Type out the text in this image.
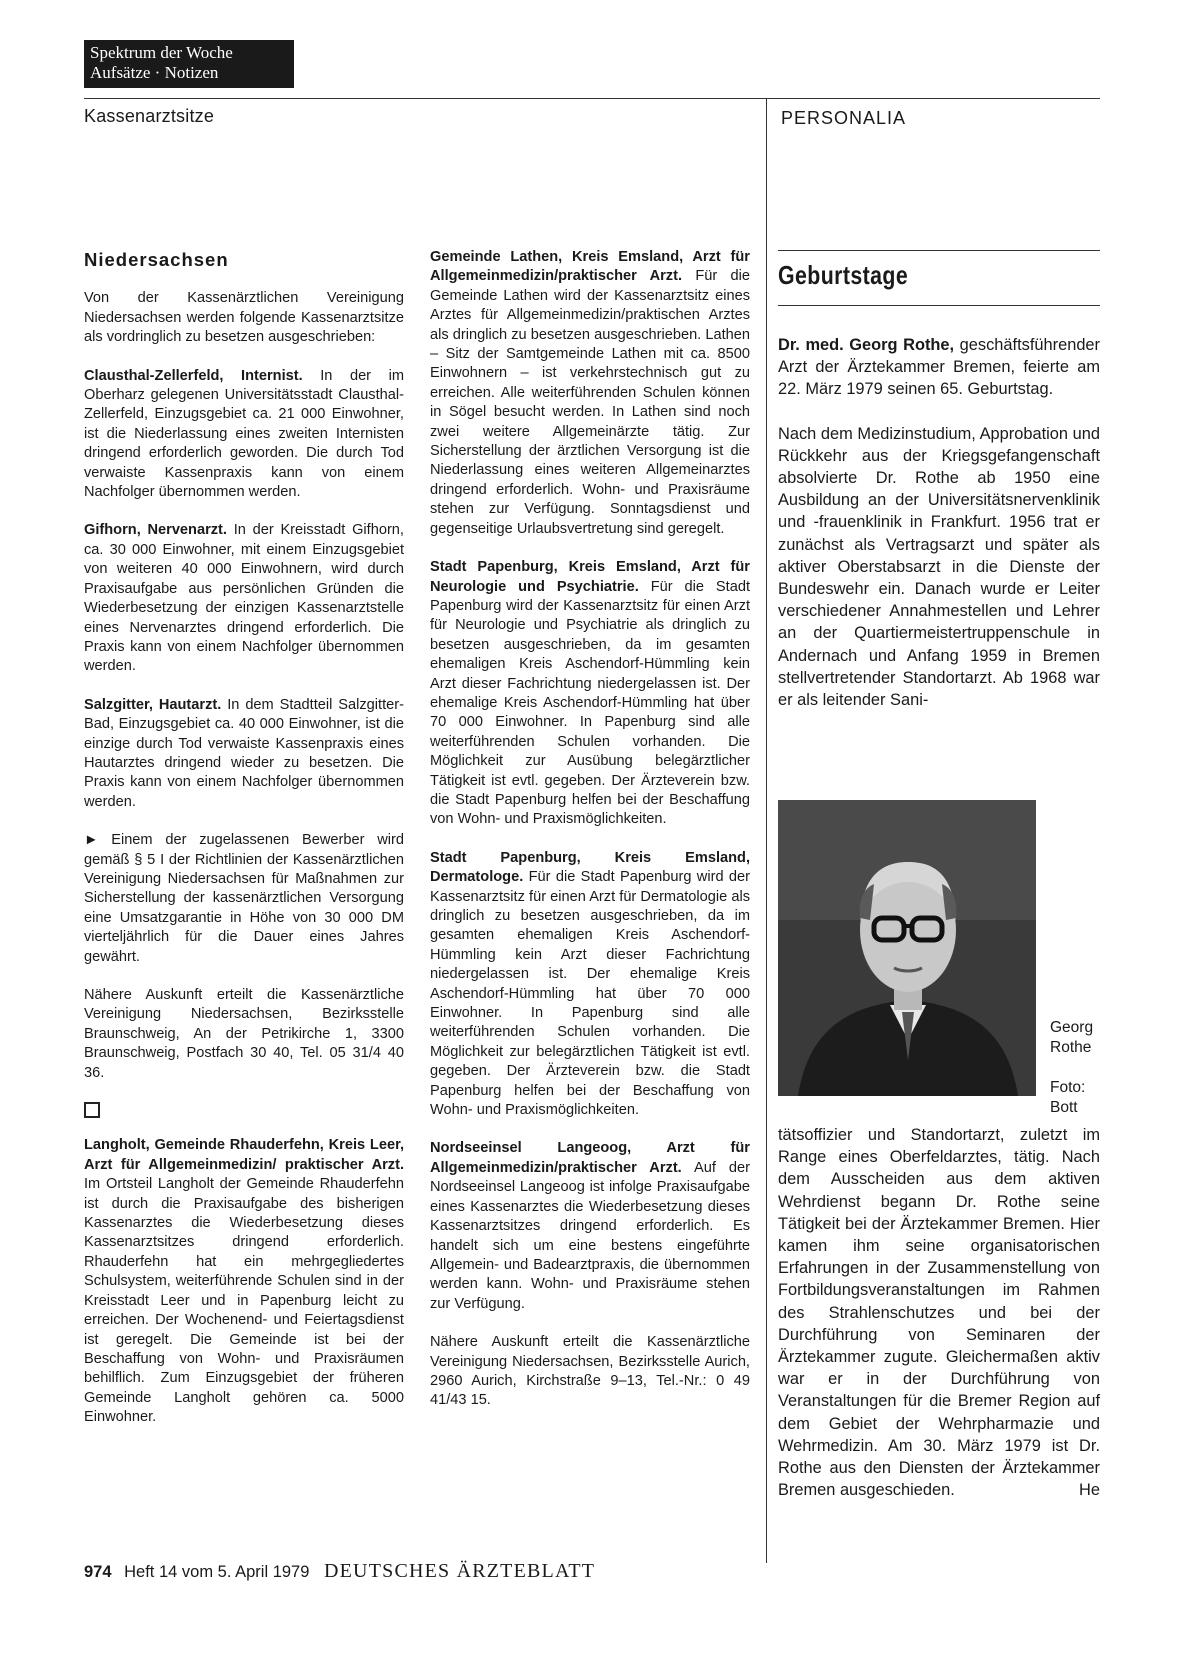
Spektrum der Woche
Aufsätze · Notizen
Kassenarztsitze	PERSONALIA

Niedersachsen

Von der Kassenärztlichen Vereinigung Niedersachsen werden folgende Kassenarztsitze als vordringlich zu besetzen ausgeschrieben:

Clausthal-Zellerfeld, Internist. In der im Oberharz gelegenen Universitätsstadt Clausthal-Zellerfeld, Einzugsgebiet ca. 21 000 Einwohner, ist die Niederlassung eines zweiten Internisten dringend erforderlich geworden. Die durch Tod verwaiste Kassenpraxis kann von einem Nachfolger übernommen werden.

Gifhorn, Nervenarzt. In der Kreisstadt Gifhorn, ca. 30 000 Einwohner, mit einem Einzugsgebiet von weiteren 40 000 Einwohnern, wird durch Praxisaufgabe aus persönlichen Gründen die Wiederbesetzung der einzigen Kassenarztstelle eines Nervenarztes dringend erforderlich. Die Praxis kann von einem Nachfolger übernommen werden.

Salzgitter, Hautarzt. In dem Stadtteil Salzgitter-Bad, Einzugsgebiet ca. 40 000 Einwohner, ist die einzige durch Tod verwaiste Kassenpraxis eines Hautarztes dringend wieder zu besetzen. Die Praxis kann von einem Nachfolger übernommen werden.

► Einem der zugelassenen Bewerber wird gemäß § 5 I der Richtlinien der Kassenärztlichen Vereinigung Niedersachsen für Maßnahmen zur Sicherstellung der kassenärztlichen Versorgung eine Umsatzgarantie in Höhe von 30 000 DM vierteljährlich für die Dauer eines Jahres gewährt.

Nähere Auskunft erteilt die Kassenärztliche Vereinigung Niedersachsen, Bezirksstelle Braunschweig, An der Petrikirche 1, 3300 Braunschweig, Postfach 30 40, Tel. 05 31/4 40 36.

Langholt, Gemeinde Rhauderfehn, Kreis Leer, Arzt für Allgemeinmedizin/ praktischer Arzt. Im Ortsteil Langholt der Gemeinde Rhauderfehn ist durch die Praxisaufgabe des bisherigen Kassenarztes die Wiederbesetzung dieses Kassenarztsitzes dringend erforderlich. Rhauderfehn hat ein mehrgegliedertes Schulsystem, weiterführende Schulen sind in der Kreisstadt Leer und in Papenburg leicht zu erreichen. Der Wochenend- und Feiertagsdienst ist geregelt. Die Gemeinde ist bei der Beschaffung von Wohn- und Praxisräumen behilflich. Zum Einzugsgebiet der früheren Gemeinde Langholt gehören ca. 5000 Einwohner.

Gemeinde Lathen, Kreis Emsland, Arzt für Allgemeinmedizin/praktischer Arzt. Für die Gemeinde Lathen wird der Kassenarztsitz eines Arztes für Allgemeinmedizin/praktischen Arztes als dringlich zu besetzen ausgeschrieben. Lathen – Sitz der Samtgemeinde Lathen mit ca. 8500 Einwohnern – ist verkehrstechnisch gut zu erreichen. Alle weiterführenden Schulen können in Sögel besucht werden. In Lathen sind noch zwei weitere Allgemeinärzte tätig. Zur Sicherstellung der ärztlichen Versorgung ist die Niederlassung eines weiteren Allgemeinarztes dringend erforderlich. Wohn- und Praxisräume stehen zur Verfügung. Sonntagsdienst und gegenseitige Urlaubsvertretung sind geregelt.

Stadt Papenburg, Kreis Emsland, Arzt für Neurologie und Psychiatrie. Für die Stadt Papenburg wird der Kassenarztsitz für einen Arzt für Neurologie und Psychiatrie als dringlich zu besetzen ausgeschrieben, da im gesamten ehemaligen Kreis Aschendorf-Hümmling kein Arzt dieser Fachrichtung niedergelassen ist. Der ehemalige Kreis Aschendorf-Hümmling hat über 70 000 Einwohner. In Papenburg sind alle weiterführenden Schulen vorhanden. Die Möglichkeit zur Ausübung belegärztlicher Tätigkeit ist evtl. gegeben. Der Ärzteverein bzw. die Stadt Papenburg helfen bei der Beschaffung von Wohn- und Praxismöglichkeiten.

Stadt Papenburg, Kreis Emsland, Dermatologe. Für die Stadt Papenburg wird der Kassenarztsitz für einen Arzt für Dermatologie als dringlich zu besetzen ausgeschrieben, da im gesamten ehemaligen Kreis Aschendorf-Hümmling kein Arzt dieser Fachrichtung niedergelassen ist. Der ehemalige Kreis Aschendorf-Hümmling hat über 70 000 Einwohner. In Papenburg sind alle weiterführenden Schulen vorhanden. Die Möglichkeit zur belegärztlichen Tätigkeit ist evtl. gegeben. Der Ärzteverein bzw. die Stadt Papenburg helfen bei der Beschaffung von Wohn- und Praxismöglichkeiten.

Nordseeinsel Langeoog, Arzt für Allgemeinmedizin/praktischer Arzt. Auf der Nordseeinsel Langeoog ist infolge Praxisaufgabe eines Kassenarztes die Wiederbesetzung dieses Kassenarztsitzes dringend erforderlich. Es handelt sich um eine bestens eingeführte Allgemein- und Badearztpraxis, die übernommen werden kann. Wohn- und Praxisräume stehen zur Verfügung.

Nähere Auskunft erteilt die Kassenärztliche Vereinigung Niedersachsen, Bezirksstelle Aurich, 2960 Aurich, Kirchstraße 9–13, Tel.-Nr.: 0 49 41/43 15.

Geburtstage

Dr. med. Georg Rothe, geschäftsführender Arzt der Ärztekammer Bremen, feierte am 22. März 1979 seinen 65. Geburtstag.

Nach dem Medizinstudium, Approbation und Rückkehr aus der Kriegsgefangenschaft absolvierte Dr. Rothe ab 1950 eine Ausbildung an der Universitätsnervenklinik und -frauenklinik in Frankfurt. 1956 trat er zunächst als Vertragsarzt und später als aktiver Oberstabsarzt in die Dienste der Bundeswehr ein. Danach wurde er Leiter verschiedener Annahmestellen und Lehrer an der Quartiermeistertruppenschule in Andernach und Anfang 1959 in Bremen stellvertretender Standortarzt. Ab 1968 war er als leitender Sani-

Georg
Rothe
Foto:
Bott

tätsoffizier und Standortarzt, zuletzt im Range eines Oberfeldarztes, tätig. Nach dem Ausscheiden aus dem aktiven Wehrdienst begann Dr. Rothe seine Tätigkeit bei der Ärztekammer Bremen. Hier kamen ihm seine organisatorischen Erfahrungen in der Zusammenstellung von Fortbildungsveranstaltungen im Rahmen des Strahlenschutzes und bei der Durchführung von Seminaren der Ärztekammer zugute. Gleichermaßen aktiv war er in der Durchführung von Veranstaltungen für die Bremer Region auf dem Gebiet der Wehrpharmazie und Wehrmedizin. Am 30. März 1979 ist Dr. Rothe aus den Diensten der Ärztekammer Bremen ausgeschieden.	He

974 Heft 14 vom 5. April 1979 DEUTSCHES ÄRZTEBLATT
